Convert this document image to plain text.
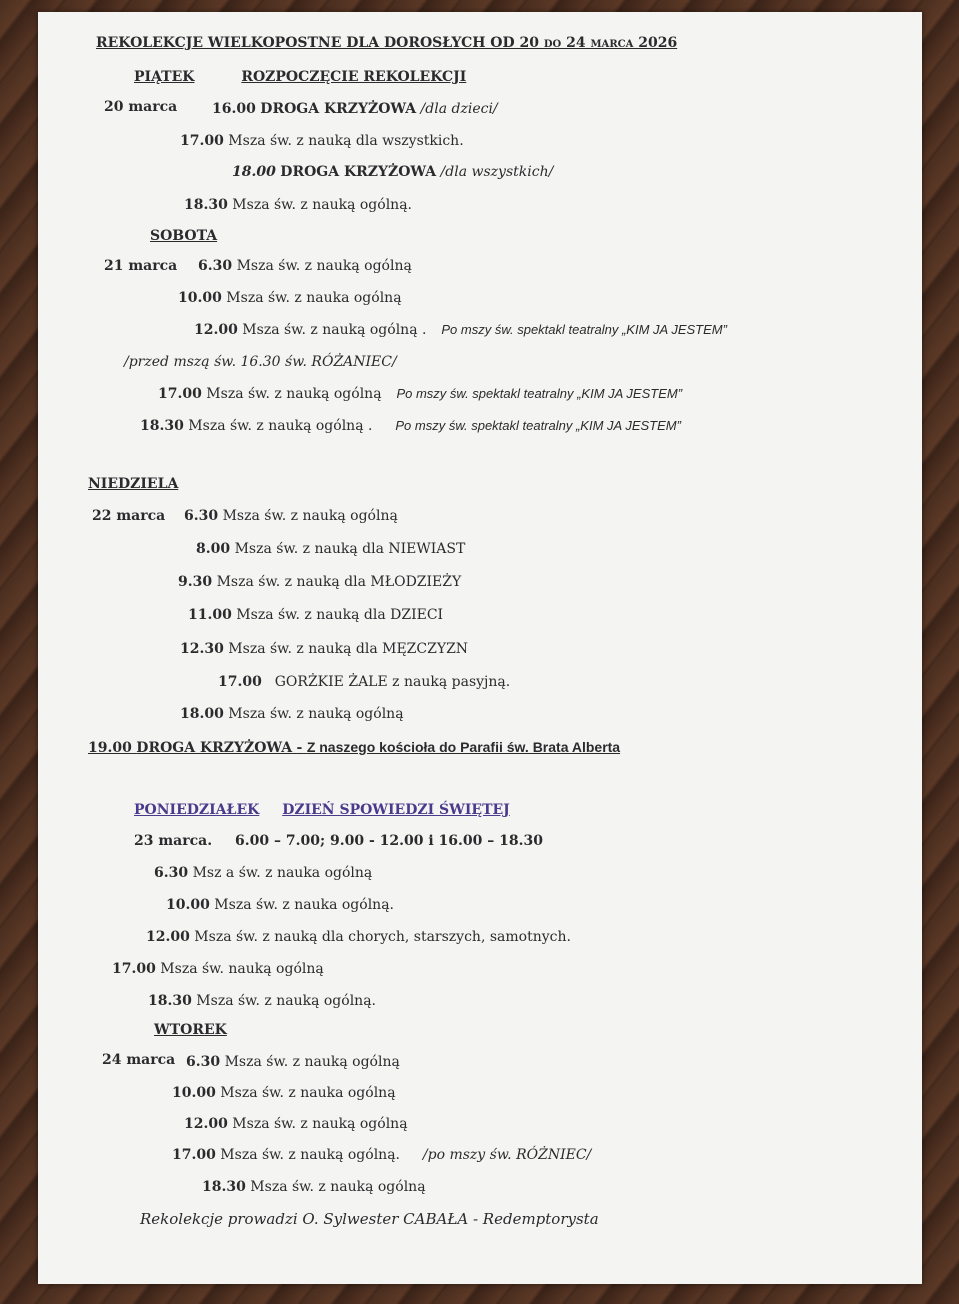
REKOLEKCJE WIELKOPOSTNE DLA DOROSŁYCH OD 20 do 24 marca 2026
PIĄTEK	ROZPOCZĘCIE REKOLEKCJI
20 marca 16.00 DROGA KRZYŻOWA /dla dzieci/
17.00 Msza św. z nauką dla wszystkich.
18.00 DROGA KRZYŻOWA /dla wszystkich/
18.30 Msza św. z nauką ogólną.
SOBOTA
21 marca 6.30 Msza św. z nauką ogólną
10.00 Msza św. z nauka ogólną
12.00 Msza św. z nauką ogólną . Po mszy św. spektakl teatralny „KIM JA JESTEM”
/przed mszą św. 16.30 św. RÓŻANIEC/
17.00 Msza św. z nauką ogólną Po mszy św. spektakl teatralny „KIM JA JESTEM”
18.30 Msza św. z nauką ogólną . Po mszy św. spektakl teatralny „KIM JA JESTEM”
NIEDZIELA
22 marca 6.30 Msza św. z nauką ogólną
8.00 Msza św. z nauką dla NIEWIAST
9.30 Msza św. z nauką dla MŁODZIEŻY
11.00 Msza św. z nauką dla DZIECI
12.30 Msza św. z nauką dla MĘZCZYZN
17.00 GORŻKIE ŻALE z nauką pasyjną.
18.00 Msza św. z nauką ogólną
19.00 DROGA KRZYŻOWA - Z naszego kościoła do Parafii św. Brata Alberta
PONIEDZIAŁEK DZIEŃ SPOWIEDZI ŚWIĘTEJ
23 marca. 6.00 – 7.00; 9.00 - 12.00 i 16.00 – 18.30
6.30 Msz a św. z nauka ogólną
10.00 Msza św. z nauka ogólną.
12.00 Msza św. z nauką dla chorych, starszych, samotnych.
17.00 Msza św. nauką ogólną
18.30 Msza św. z nauką ogólną.
WTOREK
24 marca 6.30 Msza św. z nauką ogólną
10.00 Msza św. z nauka ogólną
12.00 Msza św. z nauką ogólną
17.00 Msza św. z nauką ogólną. /po mszy św. RÓŻNIEC/
18.30 Msza św. z nauką ogólną
Rekolekcje prowadzi O. Sylwester CABAŁA - Redemptorysta
